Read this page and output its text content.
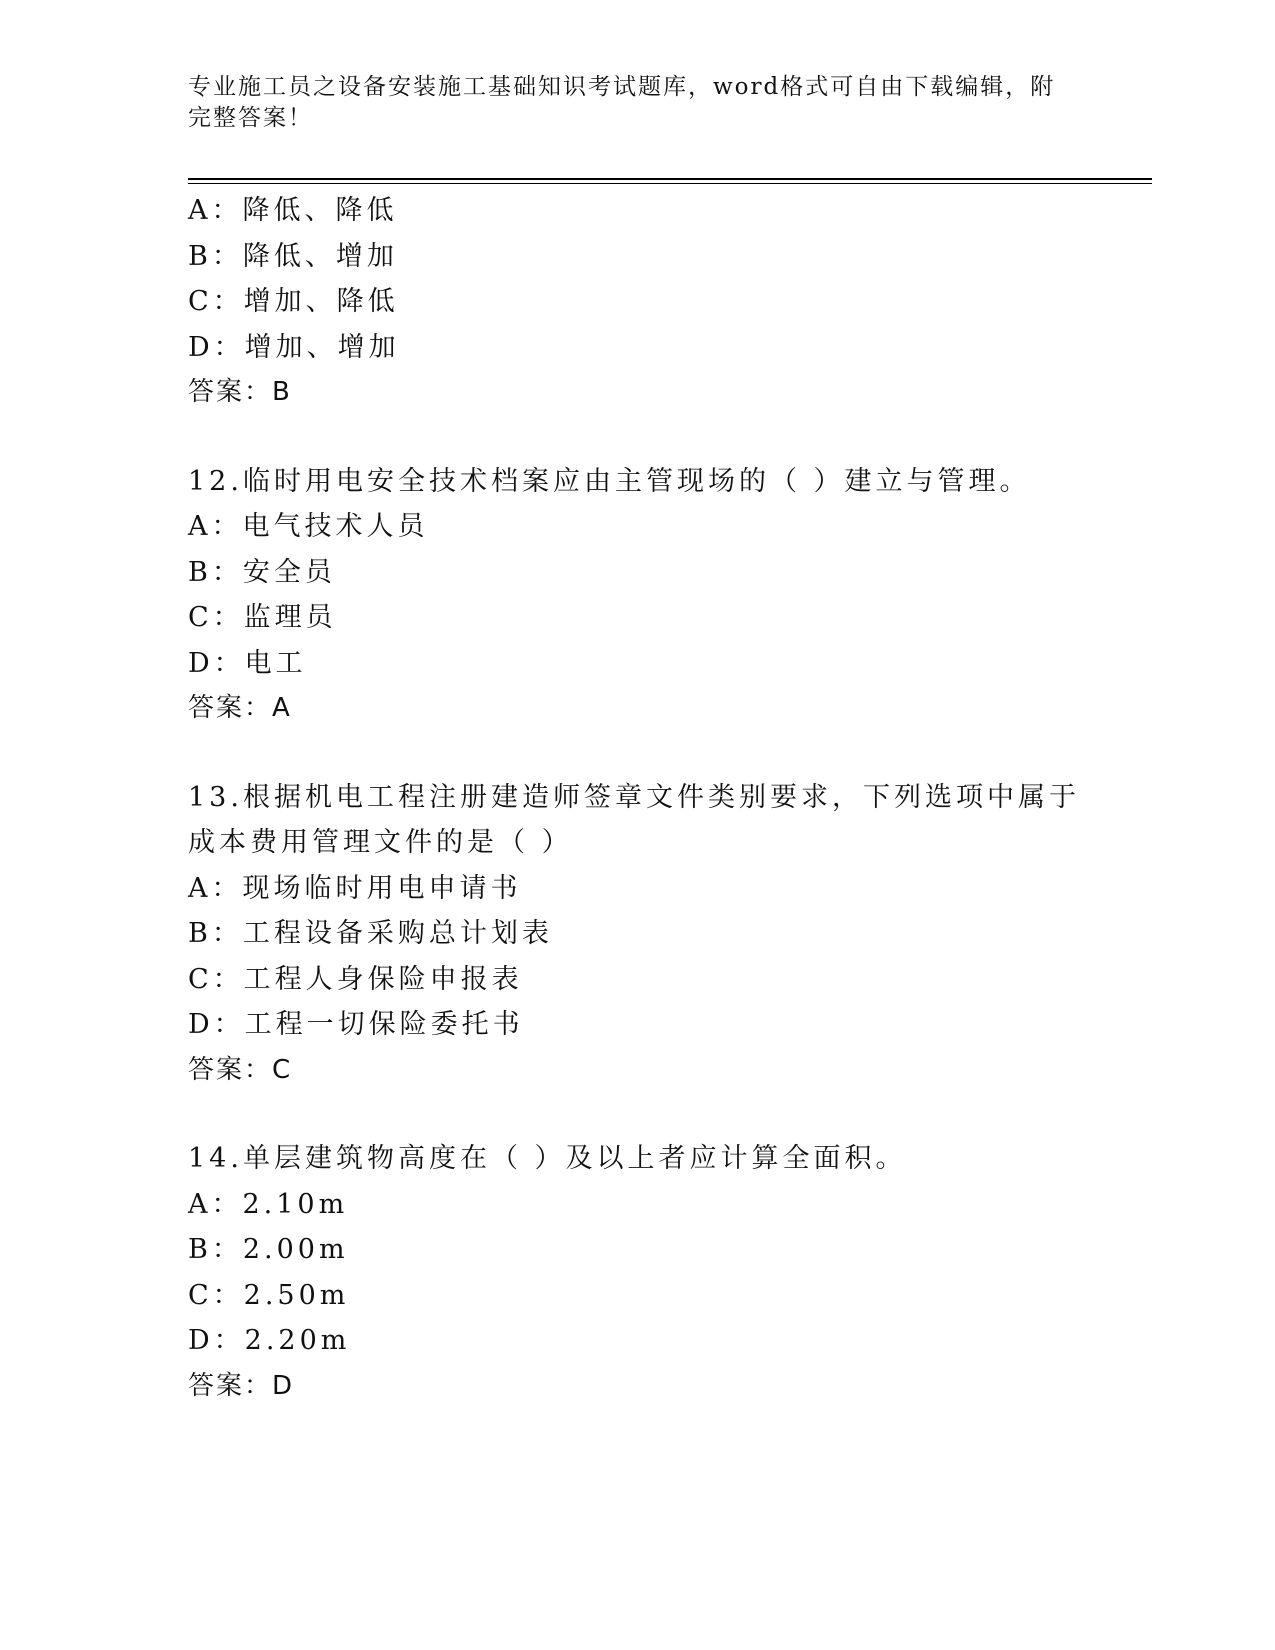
专业施工员之设备安装施工基础知识考试题库，word格式可自由下载编辑，附完整答案！
A：降低、降低
B：降低、增加
C：增加、降低
D：增加、增加
答案：B
12.临时用电安全技术档案应由主管现场的（ ）建立与管理。
A：电气技术人员
B：安全员
C：监理员
D：电工
答案：A
13.根据机电工程注册建造师签章文件类别要求，下列选项中属于成本费用管理文件的是（ ）
A：现场临时用电申请书
B：工程设备采购总计划表
C：工程人身保险申报表
D：工程一切保险委托书
答案：C
14.单层建筑物高度在（ ）及以上者应计算全面积。
A：2.10m
B：2.00m
C：2.50m
D：2.20m
答案：D
